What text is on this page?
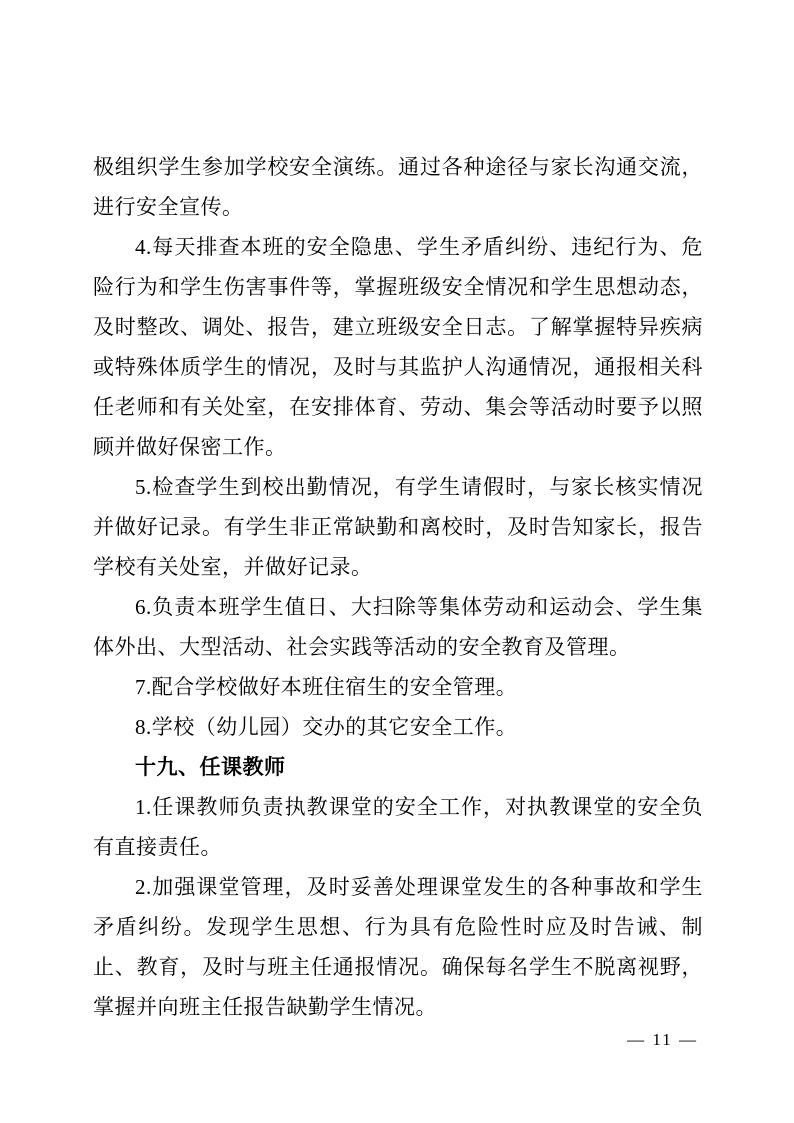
极组织学生参加学校安全演练。通过各种途径与家长沟通交流，进行安全宣传。

4.每天排查本班的安全隐患、学生矛盾纠纷、违纪行为、危险行为和学生伤害事件等，掌握班级安全情况和学生思想动态，及时整改、调处、报告，建立班级安全日志。了解掌握特异疾病或特殊体质学生的情况，及时与其监护人沟通情况，通报相关科任老师和有关处室，在安排体育、劳动、集会等活动时要予以照顾并做好保密工作。

5.检查学生到校出勤情况，有学生请假时，与家长核实情况并做好记录。有学生非正常缺勤和离校时，及时告知家长，报告学校有关处室，并做好记录。

6.负责本班学生值日、大扫除等集体劳动和运动会、学生集体外出、大型活动、社会实践等活动的安全教育及管理。

7.配合学校做好本班住宿生的安全管理。

8.学校（幼儿园）交办的其它安全工作。

十九、任课教师

1.任课教师负责执教课堂的安全工作，对执教课堂的安全负有直接责任。

2.加强课堂管理，及时妥善处理课堂发生的各种事故和学生矛盾纠纷。发现学生思想、行为具有危险性时应及时告诫、制止、教育，及时与班主任通报情况。确保每名学生不脱离视野，掌握并向班主任报告缺勤学生情况。

— 11 —
